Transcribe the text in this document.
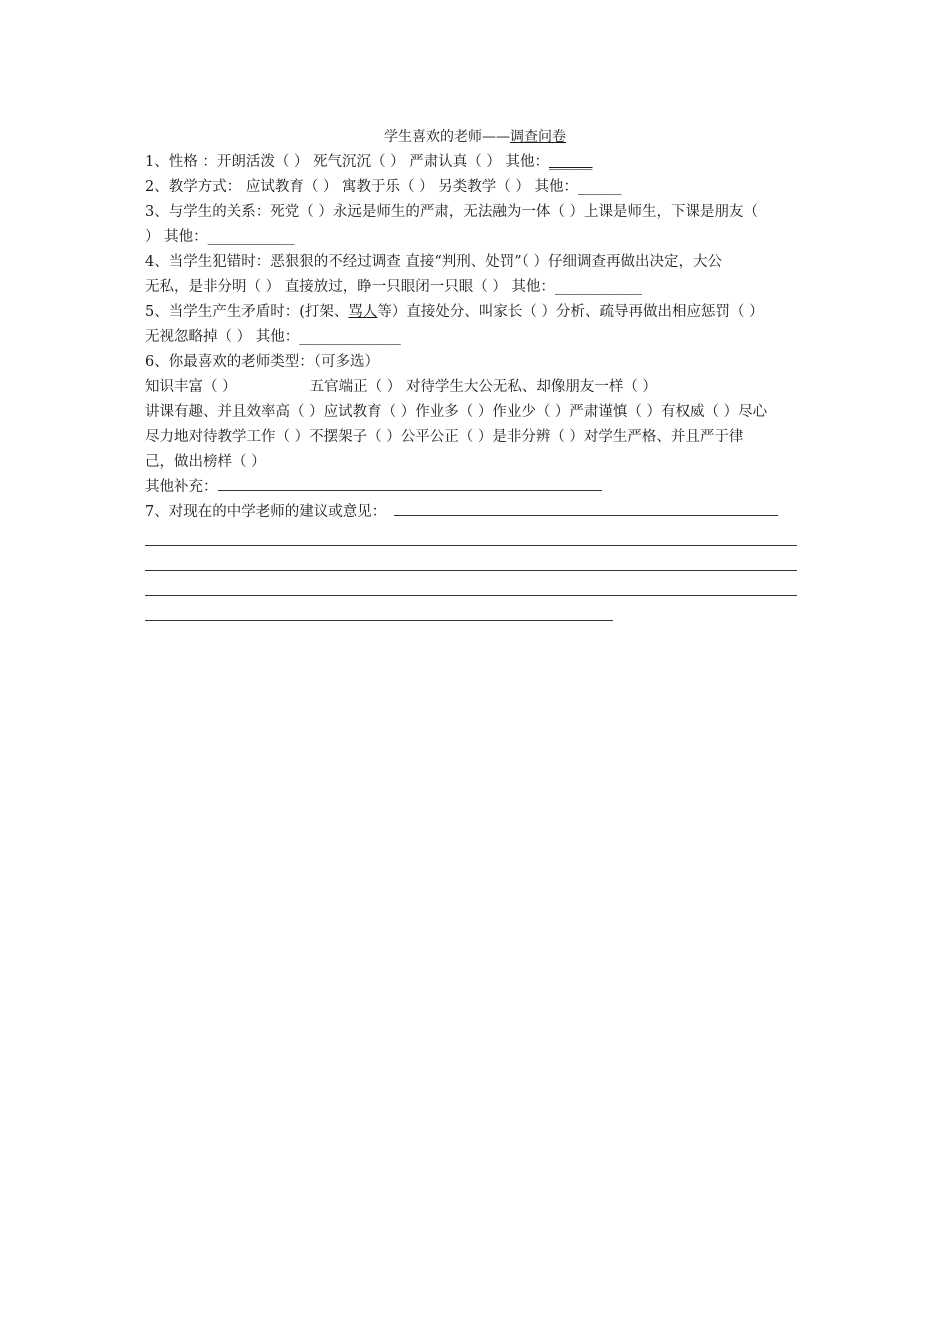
学生喜欢的老师——调查问卷
1、性格 ：开朗活泼（ ） 死气沉沉（ ） 严肃认真（ ） 其他：______
2、教学方式： 应试教育（ ） 寓教于乐（ ） 另类教学（ ） 其他：______
3、与学生的关系：死党（ ）永远是师生的严肃，无法融为一体（ ）上课是师生，下课是朋友（
） 其他：____________
4、当学生犯错时：恶狠狠的不经过调查 直接“判刑、处罚”（ ）仔细调查再做出决定，大公
无私，是非分明（ ） 直接放过，睁一只眼闭一只眼（ ） 其他：____________
5、当学生产生矛盾时：(打架、骂人等）直接处分、叫家长（ ）分析、疏导再做出相应惩罚（ ）
无视忽略掉（ ） 其他：______________
6、你最喜欢的老师类型：（可多选）
知识丰富（ ）	五官端正（ ） 对待学生大公无私、却像朋友一样（ ）
讲课有趣、并且效率高（ ）应试教育（ ）作业多（ ）作业少（ ）严肃谨慎（ ）有权威（ ）尽心
尽力地对待教学工作（ ）不摆架子（ ）公平公正（ ）是非分辨（ ）对学生严格、并且严于律
己，做出榜样（ ）
其他补充：
7、对现在的中学老师的建议或意见：
